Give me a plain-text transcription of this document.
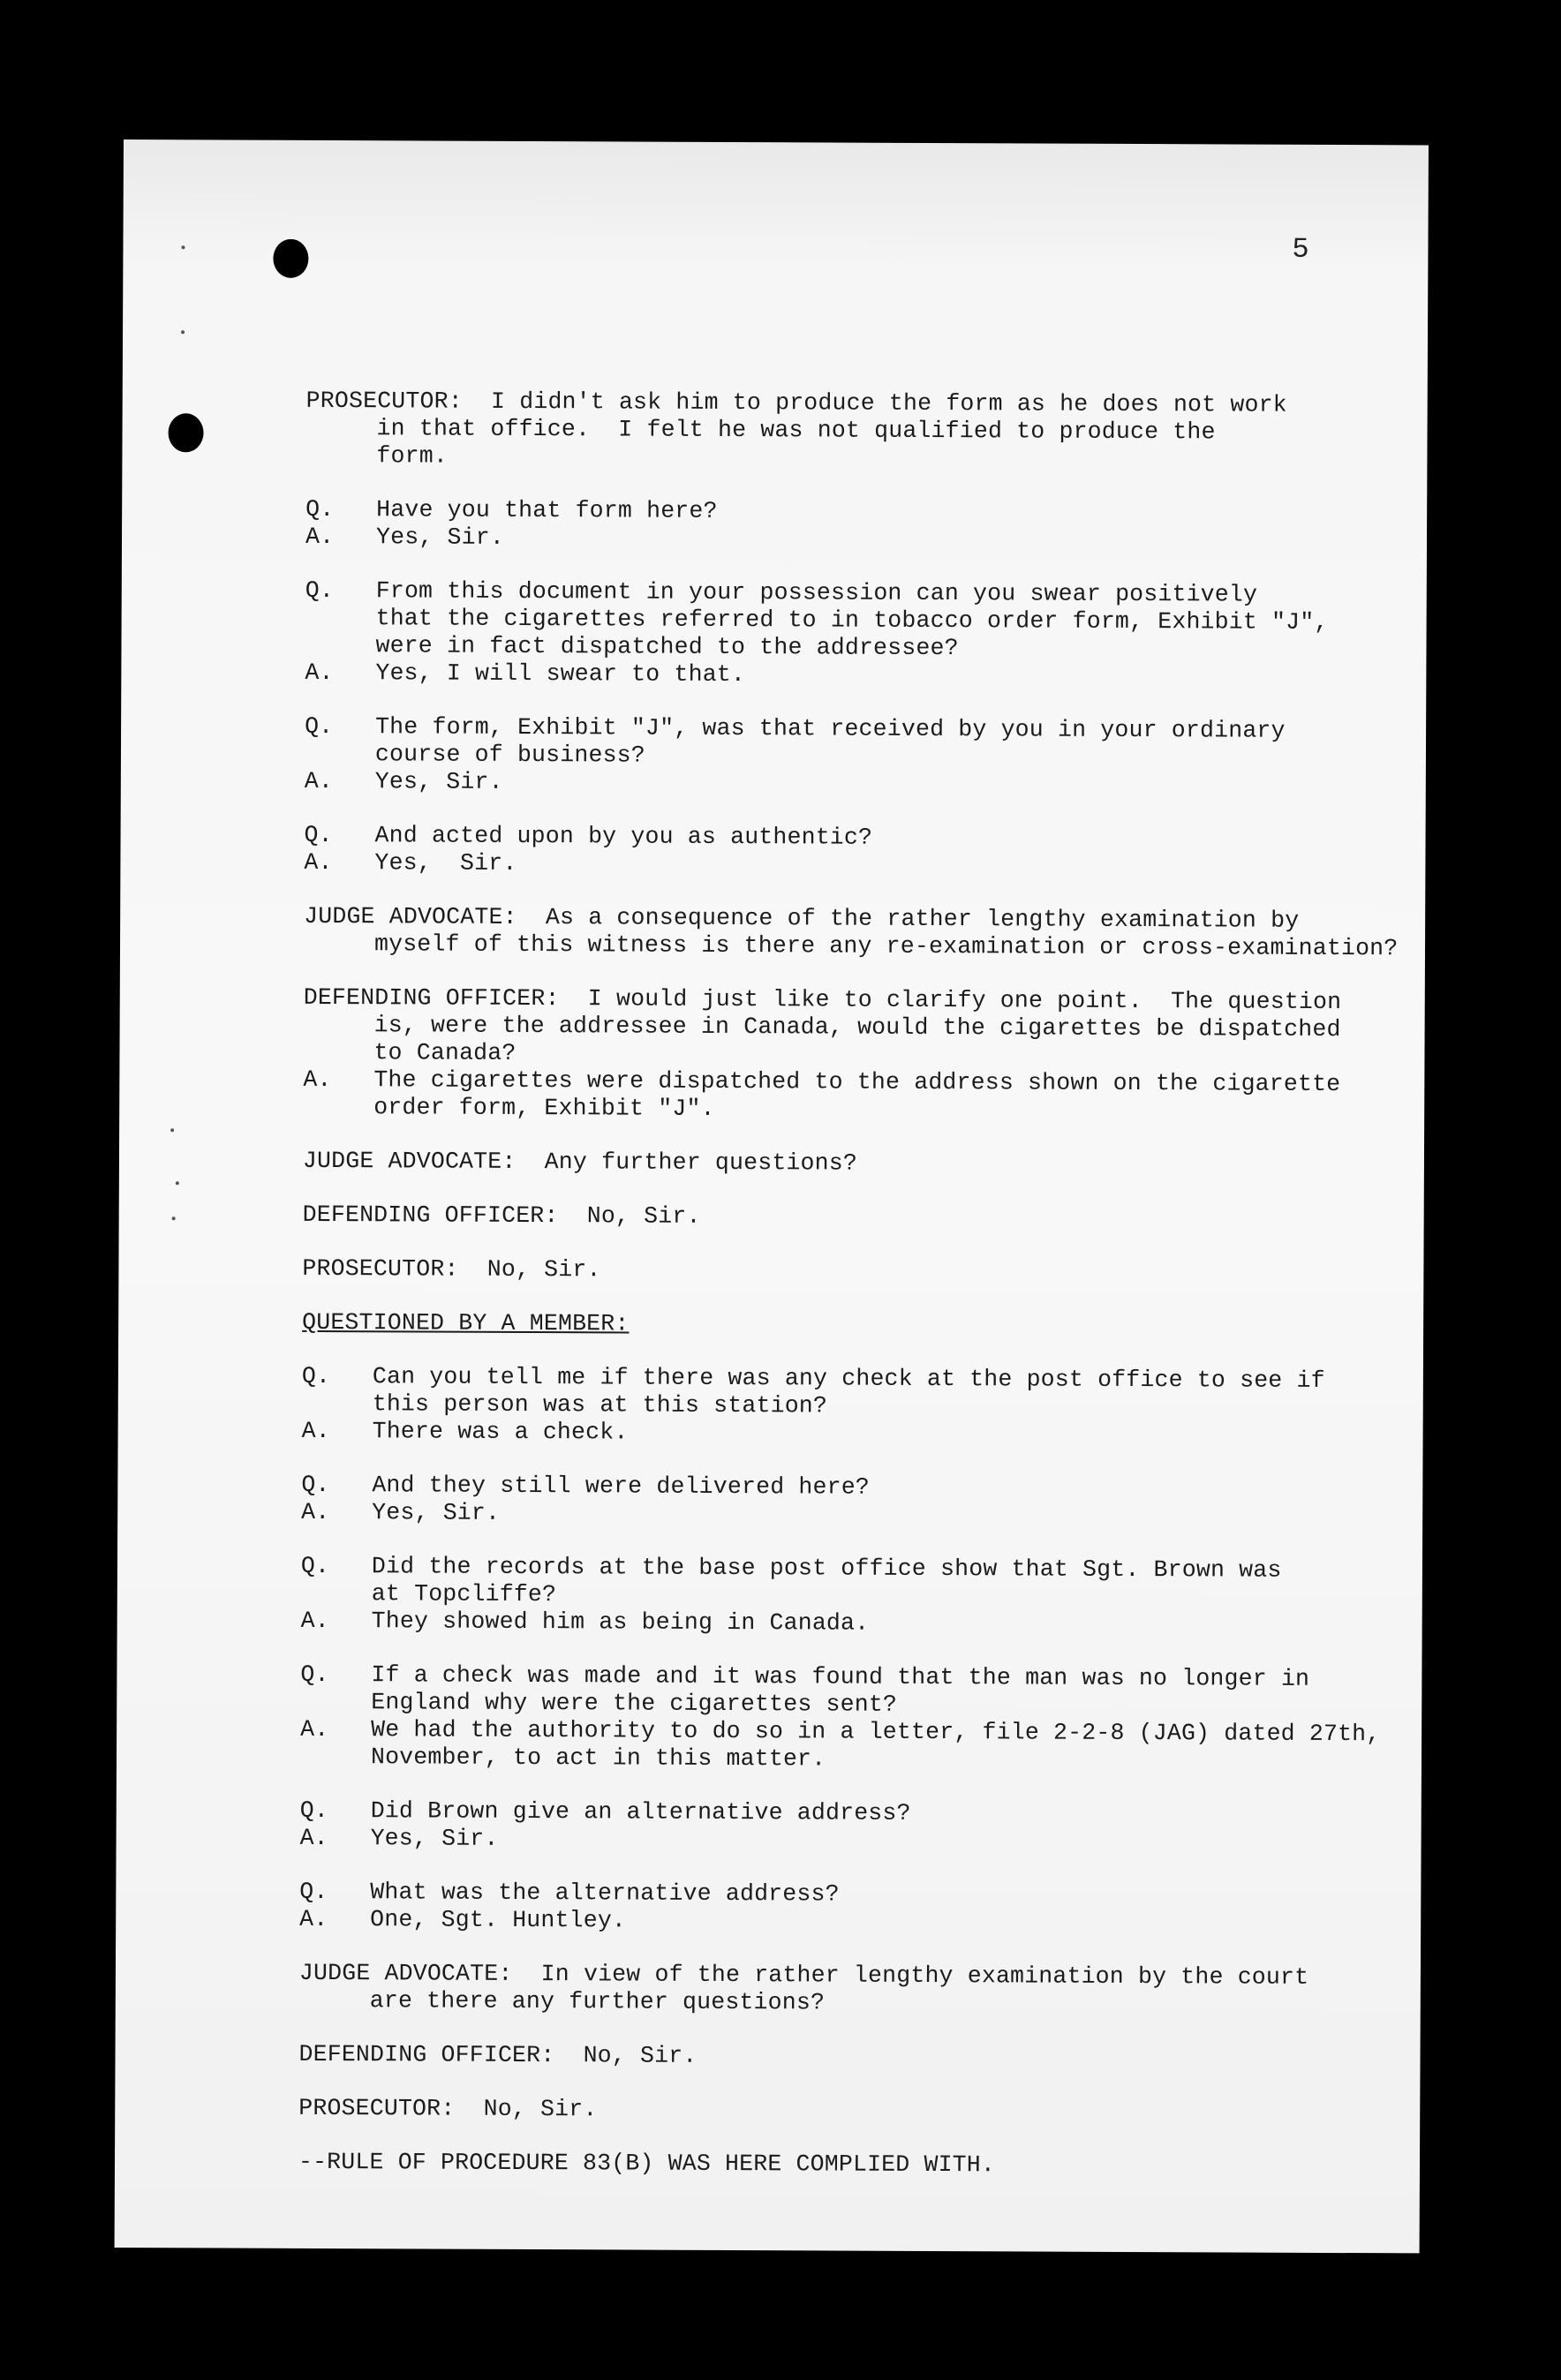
5
PROSECUTOR: I didn't ask him to produce the form as he does not work
in that office.  I felt he was not qualified to produce the
form.
Q.	Have you that form here?
A.	Yes, Sir.
Q.	From this document in your possession can you swear positively
that the cigarettes referred to in tobacco order form, Exhibit "J",
were in fact dispatched to the addressee?
A.	Yes, I will swear to that.
Q.	The form, Exhibit "J", was that received by you in your ordinary
course of business?
A.	Yes, Sir.
Q.	And acted upon by you as authentic?
A.	Yes,  Sir.
JUDGE ADVOCATE: As a consequence of the rather lengthy examination by
myself of this witness is there any re-examination or cross-examination?
DEFENDING OFFICER: I would just like to clarify one point.  The question
is, were the addressee in Canada, would the cigarettes be dispatched
to Canada?
A.	The cigarettes were dispatched to the address shown on the cigarette
order form, Exhibit "J".
JUDGE ADVOCATE: Any further questions?
DEFENDING OFFICER: No, Sir.
PROSECUTOR: No, Sir.
QUESTIONED BY A MEMBER:
Q.	Can you tell me if there was any check at the post office to see if
this person was at this station?
A.	There was a check.
Q.	And they still were delivered here?
A.	Yes, Sir.
Q.	Did the records at the base post office show that Sgt. Brown was
at Topcliffe?
A.	They showed him as being in Canada.
Q.	If a check was made and it was found that the man was no longer in
England why were the cigarettes sent?
A.	We had the authority to do so in a letter, file 2-2-8 (JAG) dated 27th,
November, to act in this matter.
Q.	Did Brown give an alternative address?
A.	Yes, Sir.
Q.	What was the alternative address?
A.	One, Sgt. Huntley.
JUDGE ADVOCATE: In view of the rather lengthy examination by the court
are there any further questions?
DEFENDING OFFICER: No, Sir.
PROSECUTOR: No, Sir.
--RULE OF PROCEDURE 83(B) WAS HERE COMPLIED WITH.
